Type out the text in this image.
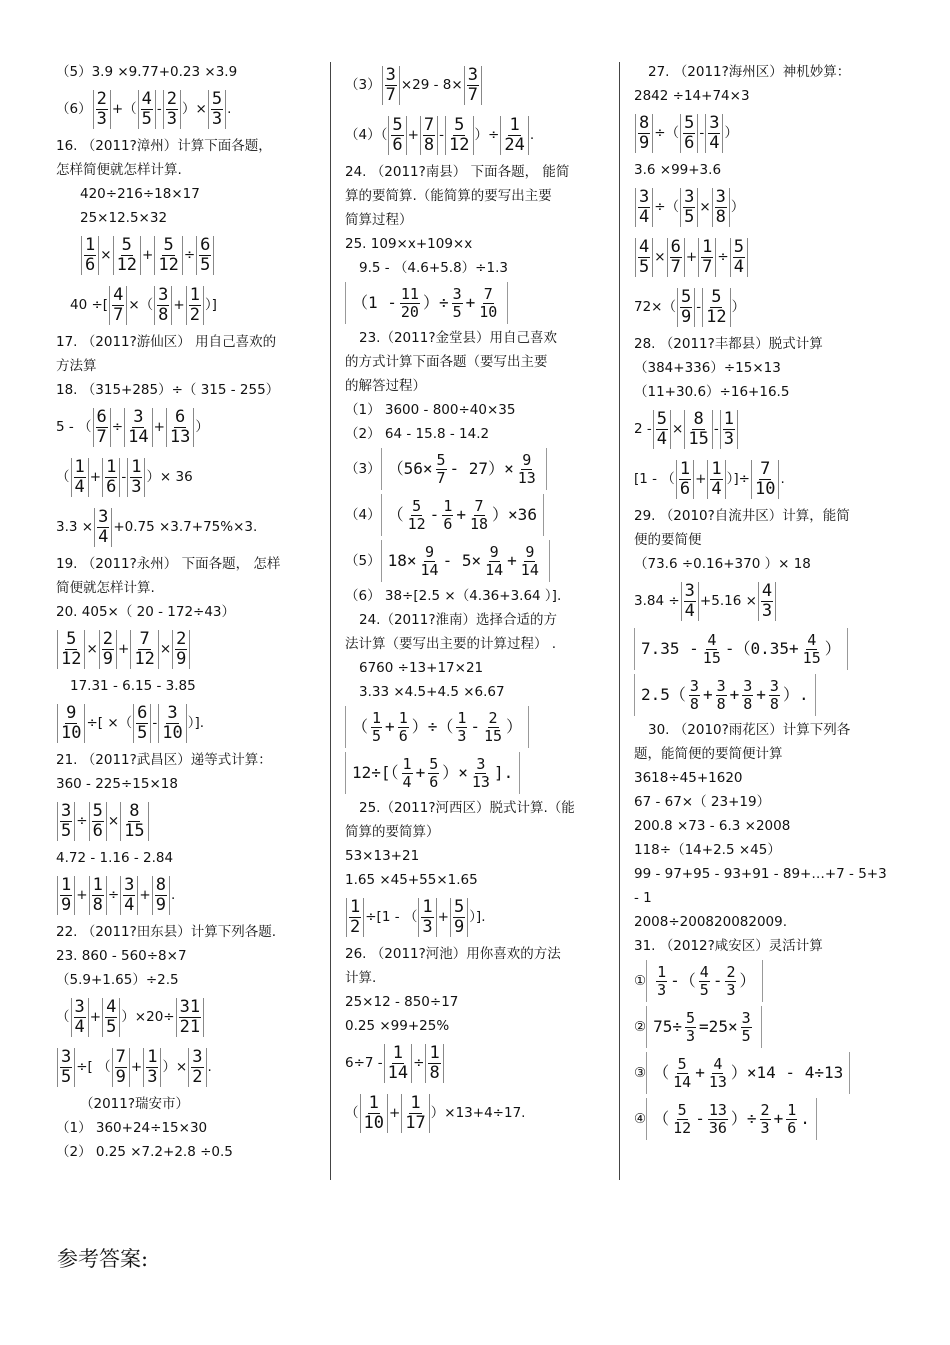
（5）3.9 ×9.77+0.23 ×3.9
$(6) \frac{2}{3}$ +（ $\frac{4}{5} - \frac{2}{3}$ ）× $\frac{5}{3}$ .
16. （2011?漳州）计算下面各题，
怎样简便就怎样计算.
420÷216÷18×17
25×12.5×32
$\frac{1}{6} \times \frac{5}{12} + \frac{5}{12} \div \frac{6}{5}$
40 ÷[ $\frac{4}{7}$ ×（ $\frac{3}{8} + \frac{1}{2}$ ）]
17. （2011?游仙区） 用自己喜欢的
方法算
18. （315+285）÷（ 315 - 255）
5 - （ $\frac{6}{7} \div \frac{3}{14} + \frac{6}{13}$ ）
（ $\frac{1}{4} + \frac{1}{6} - \frac{1}{3}$ ）× 36
$3.3 \times \frac{3}{4} +0.75 \times 3.7+75\%\times 3$.
19. （2011?永州） 下面各题， 怎样
简便就怎样计算.
20. 405×（ 20 - 172÷43）
$\frac{5}{12} \times \frac{2}{9} + \frac{7}{12} \times \frac{2}{9}$
17.31 - 6.15 - 3.85
$\frac{9}{10}$ ÷[ ×（ $\frac{6}{5} - \frac{3}{10}$ ）].
21. （2011?武昌区）递等式计算：
360 - 225÷15×18
$\frac{3}{5} \div \frac{5}{6} \times \frac{8}{15}$
4.72 - 1.16 - 2.84
$\frac{1}{9} + \frac{1}{8} \div \frac{3}{4} + \frac{8}{9}$ .
22. （2011?田东县）计算下列各题.
23. 860 - 560÷8×7
（5.9+1.65）÷2.5
（ $\frac{3}{4} + \frac{4}{5} )\times 20\div \frac{31}{21}$
$\frac{3}{5}$ ÷[ （ $\frac{7}{9} + \frac{1}{3}$ ）× $\frac{3}{2}$ .
（2011?瑞安市）
（1） 360+24÷15×30
（2） 0.25 ×7.2+2.8 ÷0.5
$(3) \frac{3}{7} \times 29 - 8\times \frac{3}{7}$
$(4)( \frac{5}{6} + \frac{7}{8} - \frac{5}{12}$ ）÷ $\frac{1}{24}$ .
24. （2011?南县） 下面各题， 能简
算的要简算.（能简算的要写出主要
简算过程）
25. 109×x+109×x
9.5 - （4.6+5.8）÷1.3
（$1 - \frac{11}{20}$ ）÷ $\frac{3}{5} + \frac{7}{10}$
23.（2011?金堂县）用自己喜欢
的方式计算下面各题（要写出主要
的解答过程）
（1） 3600 - 800÷40×35
（2） 64 - 15.8 - 14.2
（3） $(56\times \frac{5}{7} - 27)\times \frac{9}{13}$
（4） （ $\frac{5}{12} - \frac{1}{6} + \frac{7}{18} )\times 36$
（5） $18\times \frac{9}{14} - 5\times \frac{9}{14} + \frac{9}{14}$
（6） 38÷[2.5 ×（4.36+3.64 ）].
24.（2011?淮南）选择合适的方
法计算（要写出主要的计算过程） .
6760 ÷13+17×21
3.33 ×4.5+4.5 ×6.67
（ $\frac{1}{5} + \frac{1}{6}$ ）÷（ $\frac{1}{3} - \frac{2}{15}$ ）
$12\div[( \frac{1}{4} + \frac{5}{6}$ ）× $\frac{3}{13}$ ].
25.（2011?河西区）脱式计算.（能
简算的要简算）
53×13+21
1.65 ×45+55×1.65
$\frac{1}{2} \div[1$ - （ $\frac{1}{3} + \frac{5}{9}$ ）].
26. （2011?河池）用你喜欢的方法
计算.
25×12 - 850÷17
0.25 ×99+25%
$6\div 7 - \frac{1}{14} \div \frac{1}{8}$
（ $\frac{1}{10} + \frac{1}{17} )\times 13+4\div 17$.
27. （2011?海州区）神机妙算：
2842 ÷14+74×3
$\frac{8}{9}$ ÷（ $\frac{5}{6} - \frac{3}{4}$ ）
3.6 ×99+3.6
$\frac{3}{4}$ ÷（ $\frac{3}{5} \times \frac{3}{8}$ ）
$\frac{4}{5} \times \frac{6}{7} + \frac{1}{7} \div \frac{5}{4}$
$72\times( \frac{5}{9} - \frac{5}{12}$ ）
28. （2011?丰都县）脱式计算
（384+336）÷15×13
（11+30.6）÷16+16.5
$2 - \frac{5}{4} \times \frac{8}{15} - \frac{1}{3}$
[1 - （ $\frac{1}{6} + \frac{1}{4}$ ）]÷ $\frac{7}{10}$ .
29. （2010?自流井区）计算，能简
便的要简便
（73.6 ÷0.16+370 ）× 18
$3.84 \div \frac{3}{4} +5.16 \times \frac{4}{3}$
$7.35 - \frac{4}{15} -(0.35+ \frac{4}{15}$ ）
$2.5( \frac{3}{8} + \frac{3}{8} + \frac{3}{8} + \frac{3}{8}$ ）.
30. （2010?雨花区）计算下列各
题，能简便的要简便计算
3618÷45+1620
67 - 67×（ 23+19）
200.8 ×73 - 6.3 ×2008
118÷（14+2.5 ×45）
99 - 97+95 - 93+91 - 89+…+7 - 5+3
- 1
2008÷200820082009.
31. （2012?咸安区）灵活计算
① $\frac{1}{3}$ -（ $\frac{4}{5} - \frac{2}{3}$ ）
② $75\div \frac{5}{3} =25\times \frac{3}{5}$
③ （ $\frac{5}{14} + \frac{4}{13} )\times 14 - 4\div 13$
④ （ $\frac{5}{12} - \frac{13}{36}$ ）÷ $\frac{2}{3} + \frac{1}{6}$ .
参考答案:
